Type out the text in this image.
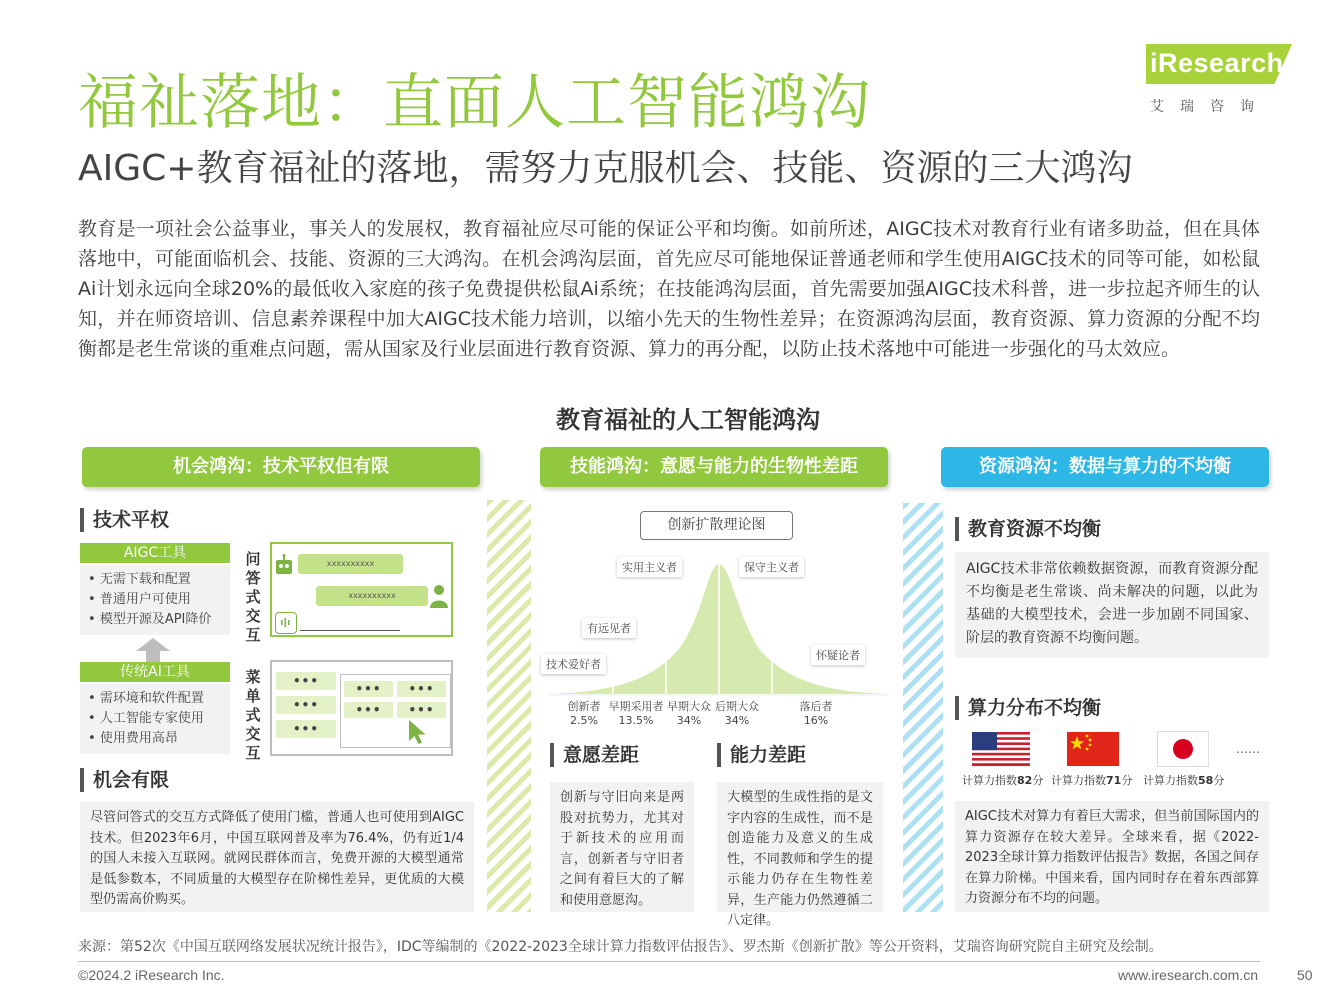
福祉落地：直面人工智能鸿沟
AIGC+教育福祉的落地，需努力克服机会、技能、资源的三大鸿沟
iResearch
艾瑞咨询
教育是一项社会公益事业，事关人的发展权，教育福祉应尽可能的保证公平和均衡。如前所述，AIGC技术对教育行业有诸多助益，但在具体落地中，可能面临机会、技能、资源的三大鸿沟。在机会鸿沟层面，首先应尽可能地保证普通老师和学生使用AIGC技术的同等可能，如松鼠Ai计划永远向全球20%的最低收入家庭的孩子免费提供松鼠Ai系统；在技能鸿沟层面，首先需要加强AIGC技术科普，进一步拉起齐师生的认知，并在师资培训、信息素养课程中加大AIGC技术能力培训，以缩小先天的生物性差异；在资源鸿沟层面，教育资源、算力资源的分配不均衡都是老生常谈的重难点问题，需从国家及行业层面进行教育资源、算力的再分配，以防止技术落地中可能进一步强化的马太效应。
教育福祉的人工智能鸿沟
机会鸿沟：技术平权但有限	技能鸿沟：意愿与能力的生物性差距	资源鸿沟：数据与算力的不均衡
技术平权
AIGC工具
• 无需下载和配置
• 普通用户可使用
• 模型开源及API降价
传统AI工具
• 需环境和软件配置
• 人工智能专家使用
• 使用费用高昂
问答式交互
xxxxxxxxxx
xxxxxxxxxx
菜单式交互
•••
•••
•••
•••	•••
•••	•••
机会有限
尽管问答式的交互方式降低了使用门槛，普通人也可使用到AIGC技术。但2023年6月，中国互联网普及率为76.4%，仍有近1/4的国人未接入互联网。就网民群体而言，免费开源的大模型通常是低参数本，不同质量的大模型存在阶梯性差异，更优质的大模型仍需高价购买。
创新扩散理论图
实用主义者	保守主义者
有远见者
技术爱好者
怀疑论者
创新者
2.5%
早期采用者
13.5%
早期大众
34%
后期大众
34%
落后者
16%
意愿差距
创新与守旧向来是两股对抗势力，尤其对于新技术的应用而言，创新者与守旧者之间有着巨大的了解和使用意愿沟。
能力差距
大模型的生成性指的是文字内容的生成性，而不是创造能力及意义的生成性，不同教师和学生的提示能力仍存在生物性差异，生产能力仍然遵循二八定律。
教育资源不均衡
AIGC技术非常依赖数据资源，而教育资源分配不均衡是老生常谈、尚未解决的问题，以此为基础的大模型技术，会进一步加剧不同国家、阶层的教育资源不均衡问题。
算力分布不均衡
……
计算力指数82分 计算力指数71分 计算力指数58分
AIGC技术对算力有着巨大需求，但当前国际国内的算力资源存在较大差异。全球来看，据《2022-2023全球计算力指数评估报告》数据，各国之间存在算力阶梯。中国来看，国内同时存在着东西部算力资源分布不均的问题。
来源：第52次《中国互联网络发展状况统计报告》，IDC等编制的《2022-2023全球计算力指数评估报告》、罗杰斯《创新扩散》等公开资料，艾瑞咨询研究院自主研究及绘制。
©2024.2 iResearch Inc.	www.iresearch.com.cn	50
